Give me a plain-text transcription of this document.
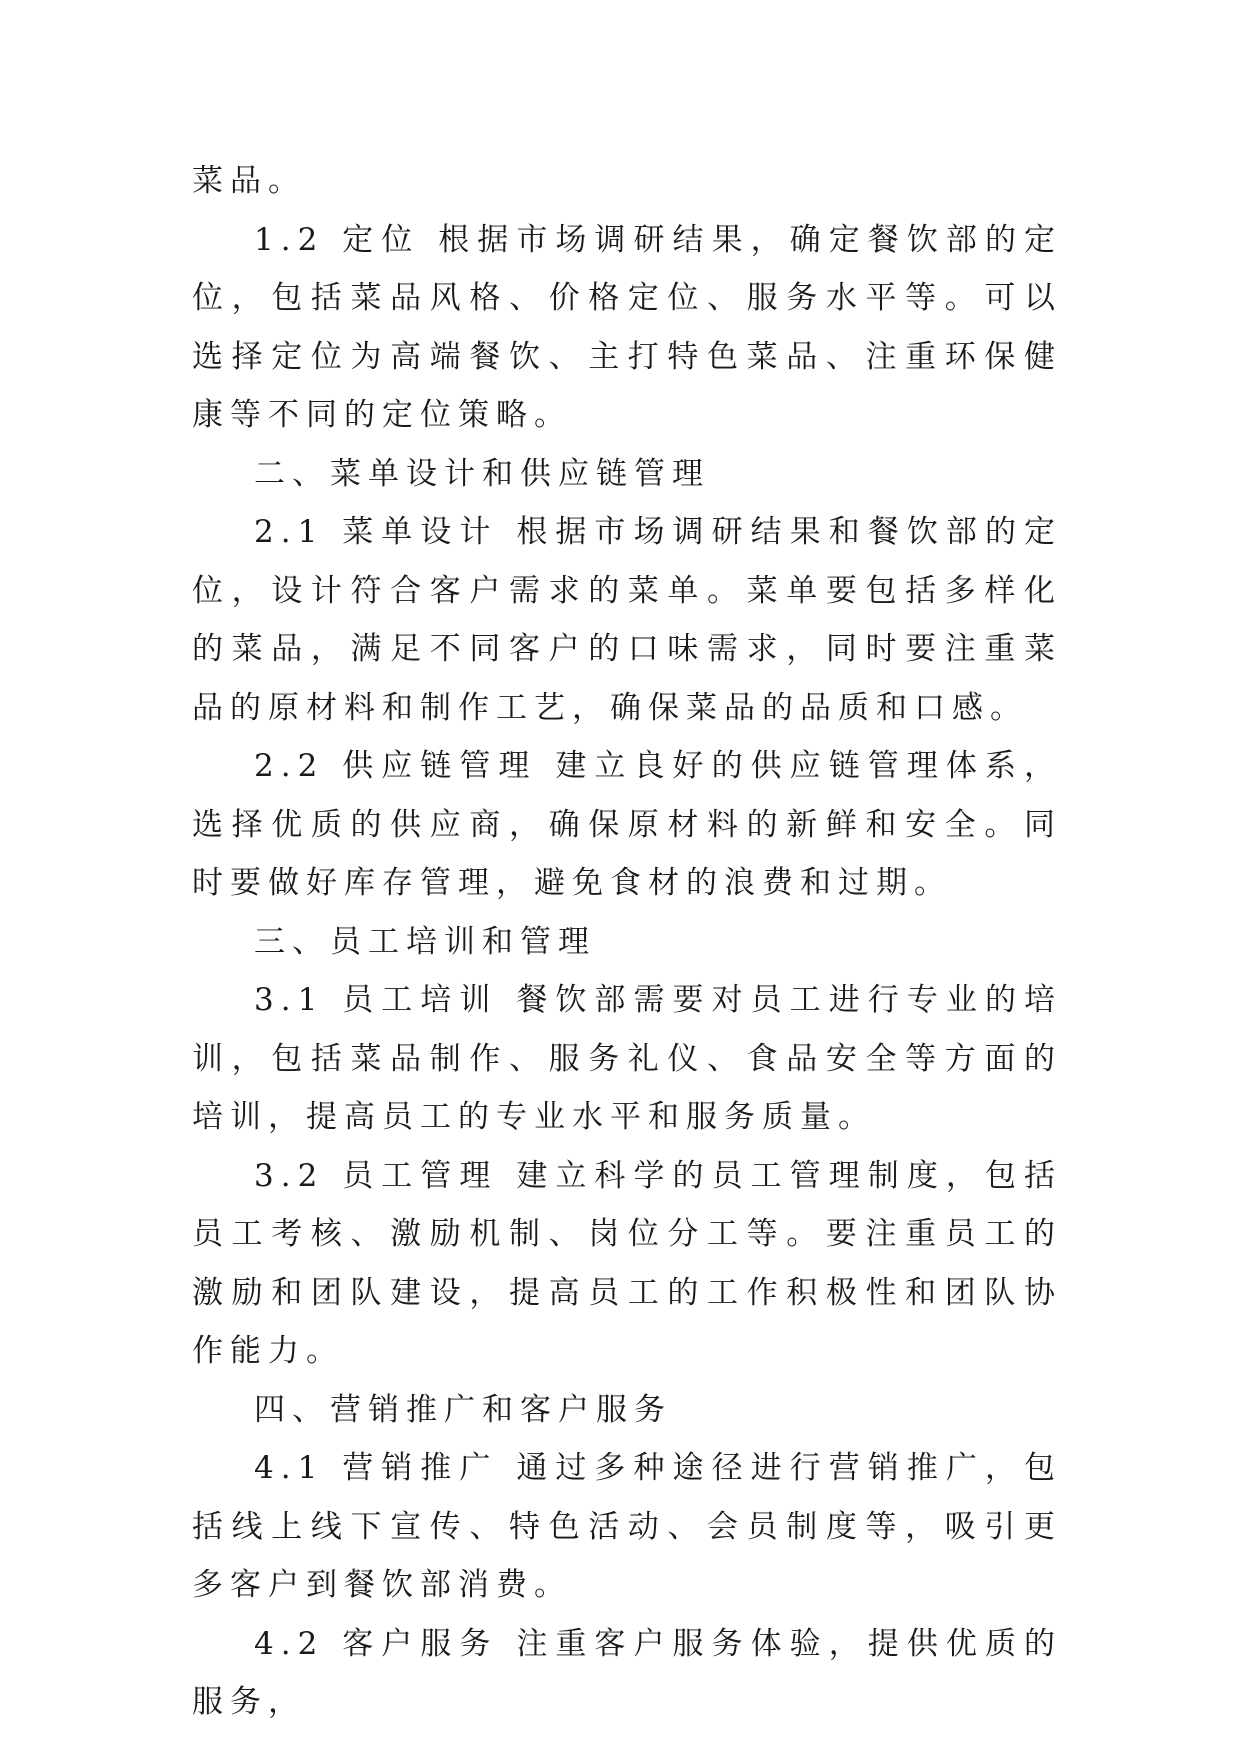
菜品。

1.2 定位 根据市场调研结果，确定餐饮部的定位，包括菜品风格、价格定位、服务水平等。可以选择定位为高端餐饮、主打特色菜品、注重环保健康等不同的定位策略。

二、菜单设计和供应链管理

2.1 菜单设计 根据市场调研结果和餐饮部的定位，设计符合客户需求的菜单。菜单要包括多样化的菜品，满足不同客户的口味需求，同时要注重菜品的原材料和制作工艺，确保菜品的品质和口感。

2.2 供应链管理 建立良好的供应链管理体系，选择优质的供应商，确保原材料的新鲜和安全。同时要做好库存管理，避免食材的浪费和过期。

三、员工培训和管理

3.1 员工培训 餐饮部需要对员工进行专业的培训，包括菜品制作、服务礼仪、食品安全等方面的培训，提高员工的专业水平和服务质量。

3.2 员工管理 建立科学的员工管理制度，包括员工考核、激励机制、岗位分工等。要注重员工的激励和团队建设，提高员工的工作积极性和团队协作能力。

四、营销推广和客户服务

4.1 营销推广 通过多种途径进行营销推广，包括线上线下宣传、特色活动、会员制度等，吸引更多客户到餐饮部消费。

4.2 客户服务 注重客户服务体验，提供优质的服务，
